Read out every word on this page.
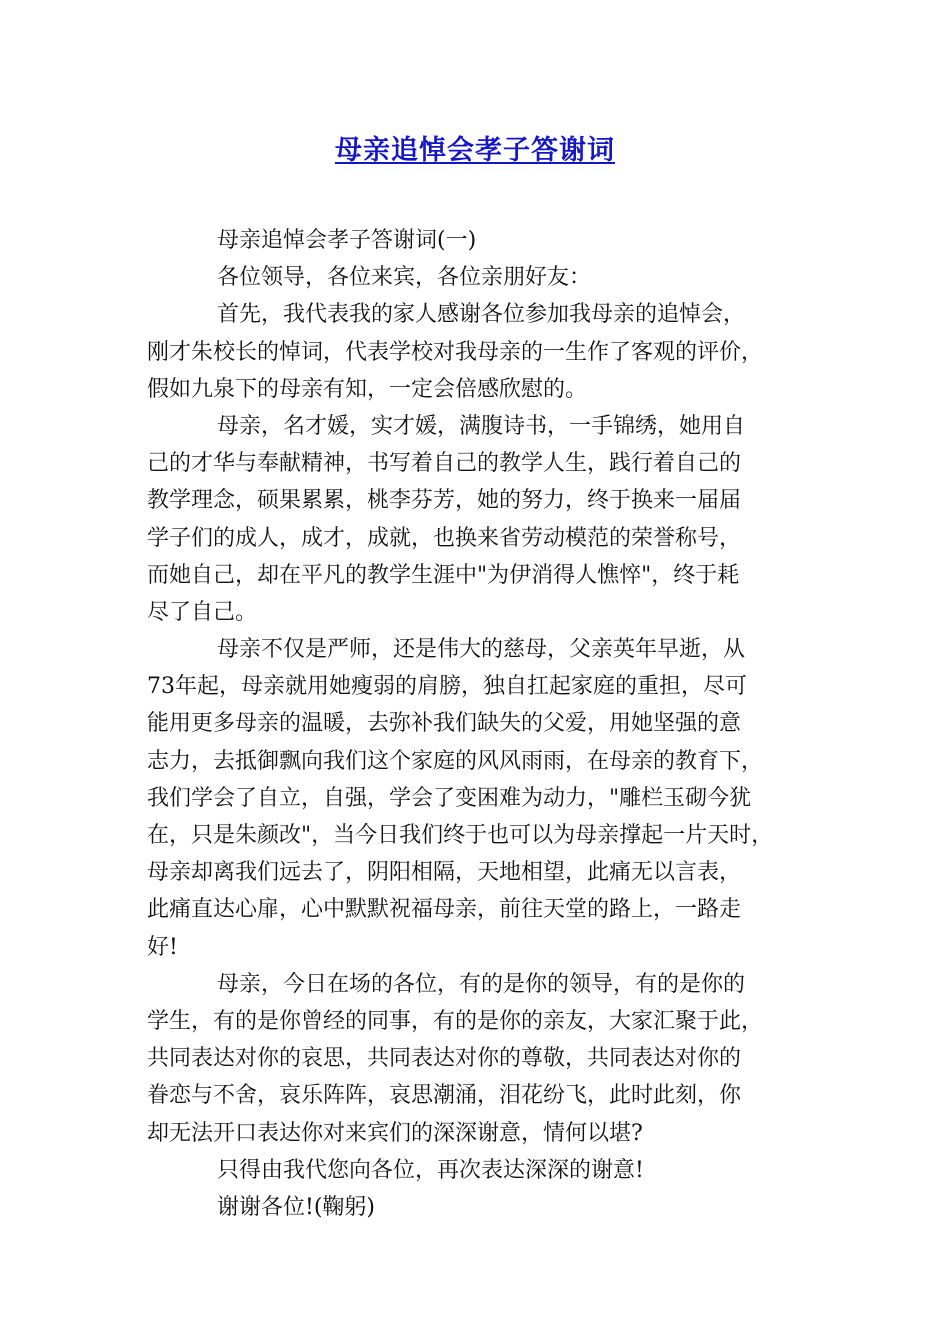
母亲追悼会孝子答谢词
母亲追悼会孝子答谢词(一)
各位领导，各位来宾，各位亲朋好友：
首先，我代表我的家人感谢各位参加我母亲的追悼会，
刚才朱校长的悼词，代表学校对我母亲的一生作了客观的评价，
假如九泉下的母亲有知，一定会倍感欣慰的。
母亲，名才媛，实才媛，满腹诗书，一手锦绣，她用自
己的才华与奉献精神，书写着自己的教学人生，践行着自己的
教学理念，硕果累累，桃李芬芳，她的努力，终于换来一届届
学子们的成人，成才，成就，也换来省劳动模范的荣誉称号，
而她自己，却在平凡的教学生涯中"为伊消得人憔悴"，终于耗
尽了自己。
母亲不仅是严师，还是伟大的慈母，父亲英年早逝，从
73年起，母亲就用她瘦弱的肩膀，独自扛起家庭的重担，尽可
能用更多母亲的温暖，去弥补我们缺失的父爱，用她坚强的意
志力，去抵御飘向我们这个家庭的风风雨雨，在母亲的教育下，
我们学会了自立，自强，学会了变困难为动力，"雕栏玉砌今犹
在，只是朱颜改"，当今日我们终于也可以为母亲撑起一片天时，
母亲却离我们远去了，阴阳相隔，天地相望，此痛无以言表，
此痛直达心扉，心中默默祝福母亲，前往天堂的路上，一路走
好!
母亲，今日在场的各位，有的是你的领导，有的是你的
学生，有的是你曾经的同事，有的是你的亲友，大家汇聚于此，
共同表达对你的哀思，共同表达对你的尊敬，共同表达对你的
眷恋与不舍，哀乐阵阵，哀思潮涌，泪花纷飞，此时此刻，你
却无法开口表达你对来宾们的深深谢意，情何以堪?
只得由我代您向各位，再次表达深深的谢意!
谢谢各位!(鞠躬)
